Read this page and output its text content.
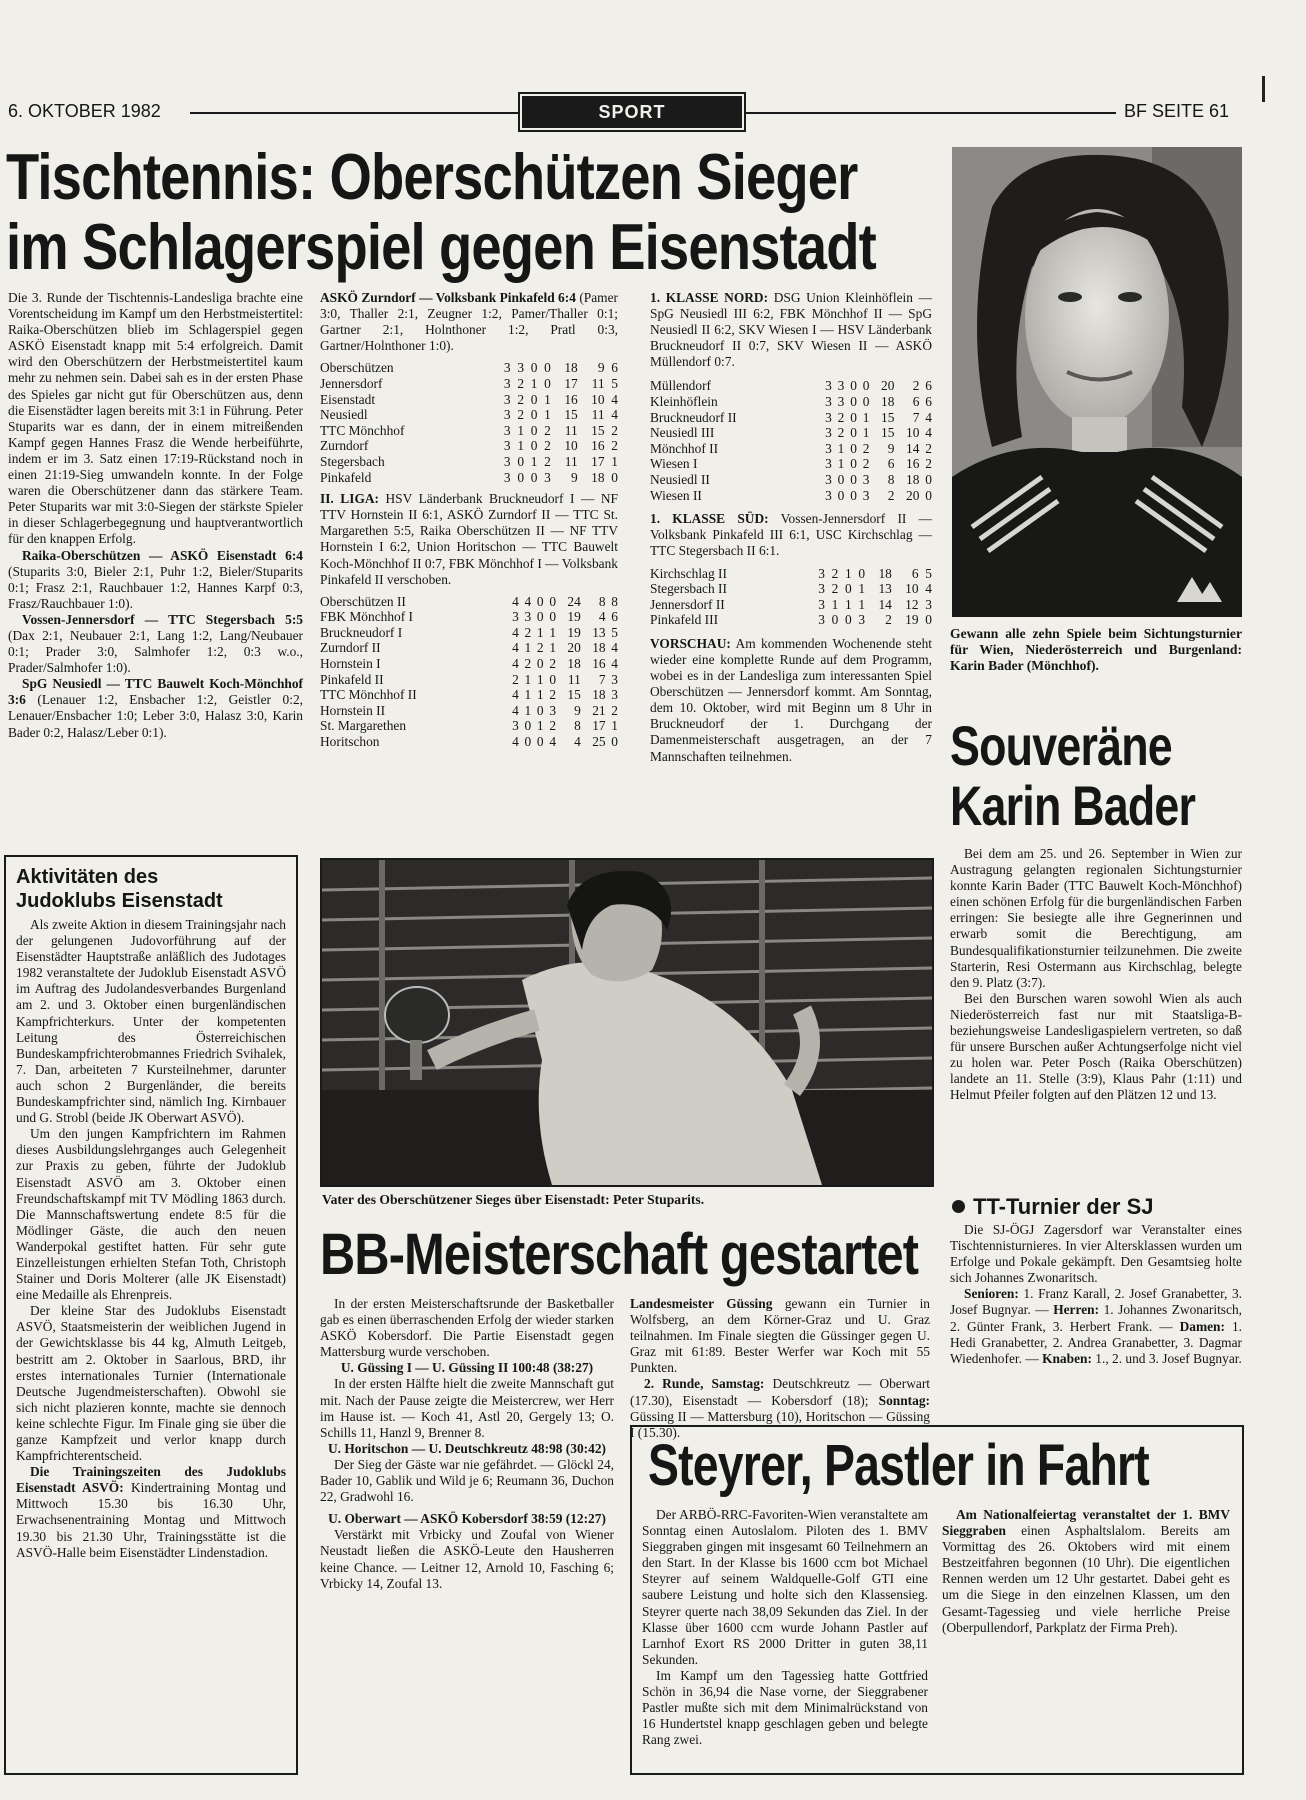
6. OKTOBER 1982	SPORT	BF SEITE 61
Tischtennis: Oberschützen Sieger
im Schlagerspiel gegen Eisenstadt

Die 3. Runde der Tischtennis-Landesliga brachte eine Vorentscheidung im Kampf um den Herbstmeistertitel: Raika-Oberschützen blieb im Schlagerspiel gegen ASKÖ Eisenstadt knapp mit 5:4 erfolgreich. Damit wird den Oberschützern der Herbstmeistertitel kaum mehr zu nehmen sein. Dabei sah es in der ersten Phase des Spieles gar nicht gut für Oberschützen aus, denn die Eisenstädter lagen bereits mit 3:1 in Führung. Peter Stuparits war es dann, der in einem mitreißenden Kampf gegen Hannes Frasz die Wende herbeiführte, indem er im 3. Satz einen 17:19-Rückstand noch in einen 21:19-Sieg umwandeln konnte. In der Folge waren die Oberschützener dann das stärkere Team. Peter Stuparits war mit 3:0-Siegen der stärkste Spieler in dieser Schlagerbegegnung und hauptverantwortlich für den knappen Erfolg.

Raika-Oberschützen — ASKÖ Eisenstadt 6:4 (Stuparits 3:0, Bieler 2:1, Puhr 1:2, Bieler/Stuparits 0:1; Frasz 2:1, Rauchbauer 1:2, Hannes Karpf 0:3, Frasz/Rauchbauer 1:0).

Vossen-Jennersdorf — TTC Stegersbach 5:5 (Dax 2:1, Neubauer 2:1, Lang 1:2, Lang/Neubauer 0:1; Prader 3:0, Salmhofer 1:2, 0:3 w.o., Prader/Salmhofer 1:0).

SpG Neusiedl — TTC Bauwelt Koch-Mönchhof 3:6 (Lenauer 1:2, Ensbacher 1:2, Geistler 0:2, Lenauer/Ensbacher 1:0; Leber 3:0, Halasz 3:0, Karin Bader 0:2, Halasz/Leber 0:1).

ASKÖ Zurndorf — Volksbank Pinkafeld 6:4 (Pamer 3:0, Thaller 2:1, Zeugner 1:2, Pamer/Thaller 0:1; Gartner 2:1, Holnthoner 1:2, Pratl 0:3, Gartner/Holnthoner 1:0).

Oberschützen	3	3	0	0	18	9	6
Jennersdorf	3	2	1	0	17	11	5
Eisenstadt	3	2	0	1	16	10	4
Neusiedl	3	2	0	1	15	11	4
TTC Mönchhof	3	1	0	2	11	15	2
Zurndorf	3	1	0	2	10	16	2
Stegersbach	3	0	1	2	11	17	1
Pinkafeld	3	0	0	3	9	18	0

II. LIGA: HSV Länderbank Bruckneudorf I — NF TTV Hornstein II 6:1, ASKÖ Zurndorf II — TTC St. Margarethen 5:5, Raika Oberschützen II — NF TTV Hornstein I 6:2, Union Horitschon — TTC Bauwelt Koch-Mönchhof II 0:7, FBK Mönchhof I — Volksbank Pinkafeld II verschoben.

Oberschützen II	4	4	0	0	24	8	8
FBK Mönchhof I	3	3	0	0	19	4	6
Bruckneudorf I	4	2	1	1	19	13	5
Zurndorf II	4	1	2	1	20	18	4
Hornstein I	4	2	0	2	18	16	4
Pinkafeld II	2	1	1	0	11	7	3
TTC Mönchhof II	4	1	1	2	15	18	3
Hornstein II	4	1	0	3	9	21	2
St. Margarethen	3	0	1	2	8	17	1
Horitschon	4	0	0	4	4	25	0

1. KLASSE NORD: DSG Union Kleinhöflein — SpG Neusiedl III 6:2, FBK Mönchhof II — SpG Neusiedl II 6:2, SKV Wiesen I — HSV Länderbank Bruckneudorf II 0:7, SKV Wiesen II — ASKÖ Müllendorf 0:7.

Müllendorf	3	3	0	0	20	2	6
Kleinhöflein	3	3	0	0	18	6	6
Bruckneudorf II	3	2	0	1	15	7	4
Neusiedl III	3	2	0	1	15	10	4
Mönchhof II	3	1	0	2	9	14	2
Wiesen I	3	1	0	2	6	16	2
Neusiedl II	3	0	0	3	8	18	0
Wiesen II	3	0	0	3	2	20	0

1. KLASSE SÜD: Vossen-Jennersdorf II — Volksbank Pinkafeld III 6:1, USC Kirchschlag — TTC Stegersbach II 6:1.

Kirchschlag II	3	2	1	0	18	6	5
Stegersbach II	3	2	0	1	13	10	4
Jennersdorf II	3	1	1	1	14	12	3
Pinkafeld III	3	0	0	3	2	19	0

VORSCHAU: Am kommenden Wochenende steht wieder eine komplette Runde auf dem Programm, wobei es in der Landesliga zum interessanten Spiel Oberschützen — Jennersdorf kommt. Am Sonntag, dem 10. Oktober, wird mit Beginn um 8 Uhr in Bruckneudorf der 1. Durchgang der Damenmeisterschaft ausgetragen, an der 7 Mannschaften teilnehmen.

Gewann alle zehn Spiele beim Sichtungsturnier für Wien, Niederösterreich und Burgenland: Karin Bader (Mönchhof).
Souveräne
Karin Bader

Bei dem am 25. und 26. September in Wien zur Austragung gelangten regionalen Sichtungsturnier konnte Karin Bader (TTC Bauwelt Koch-Mönchhof) einen schönen Erfolg für die burgenländischen Farben erringen: Sie besiegte alle ihre Gegnerinnen und erwarb somit die Berechtigung, am Bundesqualifikationsturnier teilzunehmen. Die zweite Starterin, Resi Ostermann aus Kirchschlag, belegte den 9. Platz (3:7).

Bei den Burschen waren sowohl Wien als auch Niederösterreich fast nur mit Staatsliga-B- beziehungsweise Landesligaspielern vertreten, so daß für unsere Burschen außer Achtungserfolge nicht viel zu holen war. Peter Posch (Raika Oberschützen) landete an 11. Stelle (3:9), Klaus Pahr (1:11) und Helmut Pfeiler folgten auf den Plätzen 12 und 13.

TT-Turnier der SJ

Die SJ-ÖGJ Zagersdorf war Veranstalter eines Tischtennisturnieres. In vier Altersklassen wurden um Erfolge und Pokale gekämpft. Den Gesamtsieg holte sich Johannes Zwonaritsch.

Senioren: 1. Franz Karall, 2. Josef Granabetter, 3. Josef Bugnyar. — Herren: 1. Johannes Zwonaritsch, 2. Günter Frank, 3. Herbert Frank. — Damen: 1. Hedi Granabetter, 2. Andrea Granabetter, 3. Dagmar Wiedenhofer. — Knaben: 1., 2. und 3. Josef Bugnyar.

Aktivitäten des
Judoklubs Eisenstadt

Als zweite Aktion in diesem Trainingsjahr nach der gelungenen Judovorführung auf der Eisenstädter Hauptstraße anläßlich des Judotages 1982 veranstaltete der Judoklub Eisenstadt ASVÖ im Auftrag des Judolandesverbandes Burgenland am 2. und 3. Oktober einen burgenländischen Kampfrichterkurs. Unter der kompetenten Leitung des Österreichischen Bundeskampfrichterobmannes Friedrich Svihalek, 7. Dan, arbeiteten 7 Kursteilnehmer, darunter auch schon 2 Burgenländer, die bereits Bundeskampfrichter sind, nämlich Ing. Kirnbauer und G. Strobl (beide JK Oberwart ASVÖ).

Um den jungen Kampfrichtern im Rahmen dieses Ausbildungslehrganges auch Gelegenheit zur Praxis zu geben, führte der Judoklub Eisenstadt ASVÖ am 3. Oktober einen Freundschaftskampf mit TV Mödling 1863 durch. Die Mannschaftswertung endete 8:5 für die Mödlinger Gäste, die auch den neuen Wanderpokal gestiftet hatten. Für sehr gute Einzelleistungen erhielten Stefan Toth, Christoph Stainer und Doris Molterer (alle JK Eisenstadt) eine Medaille als Ehrenpreis.

Der kleine Star des Judoklubs Eisenstadt ASVÖ, Staatsmeisterin der weiblichen Jugend in der Gewichtsklasse bis 44 kg, Almuth Leitgeb, bestritt am 2. Oktober in Saarlous, BRD, ihr erstes internationales Turnier (Internationale Deutsche Jugendmeisterschaften). Obwohl sie sich nicht plazieren konnte, machte sie dennoch keine schlechte Figur. Im Finale ging sie über die ganze Kampfzeit und verlor knapp durch Kampfrichterentscheid.

Die Trainingszeiten des Judoklubs Eisenstadt ASVÖ: Kindertraining Montag und Mittwoch 15.30 bis 16.30 Uhr, Erwachsenentraining Montag und Mittwoch 19.30 bis 21.30 Uhr, Trainingsstätte ist die ASVÖ-Halle beim Eisenstädter Lindenstadion.

Vater des Oberschützener Sieges über Eisenstadt: Peter Stuparits.
BB-Meisterschaft gestartet

In der ersten Meisterschaftsrunde der Basketballer gab es einen überraschenden Erfolg der wieder starken ASKÖ Kobersdorf. Die Partie Eisenstadt gegen Mattersburg wurde verschoben.

U. Güssing I — U. Güssing II 100:48 (38:27)

In der ersten Hälfte hielt die zweite Mannschaft gut mit. Nach der Pause zeigte die Meistercrew, wer Herr im Hause ist. — Koch 41, Astl 20, Gergely 13; O. Schills 11, Hanzl 9, Brenner 8.

U. Horitschon — U. Deutschkreutz 48:98 (30:42)

Der Sieg der Gäste war nie gefährdet. — Glöckl 24, Bader 10, Gablik und Wild je 6; Reumann 36, Duchon 22, Gradwohl 16.

U. Oberwart — ASKÖ Kobersdorf 38:59 (12:27)

Verstärkt mit Vrbicky und Zoufal von Wiener Neustadt ließen die ASKÖ-Leute den Hausherren keine Chance. — Leitner 12, Arnold 10, Fasching 6; Vrbicky 14, Zoufal 13.

Landesmeister Güssing gewann ein Turnier in Wolfsberg, an dem Körner-Graz und U. Graz teilnahmen. Im Finale siegten die Güssinger gegen U. Graz mit 61:89. Bester Werfer war Koch mit 55 Punkten.

2. Runde, Samstag: Deutschkreutz — Oberwart (17.30), Eisenstadt — Kobersdorf (18); Sonntag: Güssing II — Mattersburg (10), Horitschon — Güssing I (15.30).

Steyrer, Pastler in Fahrt

Der ARBÖ-RRC-Favoriten-Wien veranstaltete am Sonntag einen Autoslalom. Piloten des 1. BMV Sieggraben gingen mit insgesamt 60 Teilnehmern an den Start. In der Klasse bis 1600 ccm bot Michael Steyrer auf seinem Waldquelle-Golf GTI eine saubere Leistung und holte sich den Klassensieg. Steyrer querte nach 38,09 Sekunden das Ziel. In der Klasse über 1600 ccm wurde Johann Pastler auf Larnhof Exort RS 2000 Dritter in guten 38,11 Sekunden.

Im Kampf um den Tagessieg hatte Gottfried Schön in 36,94 die Nase vorne, der Sieggrabener Pastler mußte sich mit dem Minimalrückstand von 16 Hundertstel knapp geschlagen geben und belegte Rang zwei.

Am Nationalfeiertag veranstaltet der 1. BMV Sieggraben einen Asphaltslalom. Bereits am Vormittag des 26. Oktobers wird mit einem Bestzeitfahren begonnen (10 Uhr). Die eigentlichen Rennen werden um 12 Uhr gestartet. Dabei geht es um die Siege in den einzelnen Klassen, um den Gesamt-Tagessieg und viele herrliche Preise (Oberpullendorf, Parkplatz der Firma Preh).
